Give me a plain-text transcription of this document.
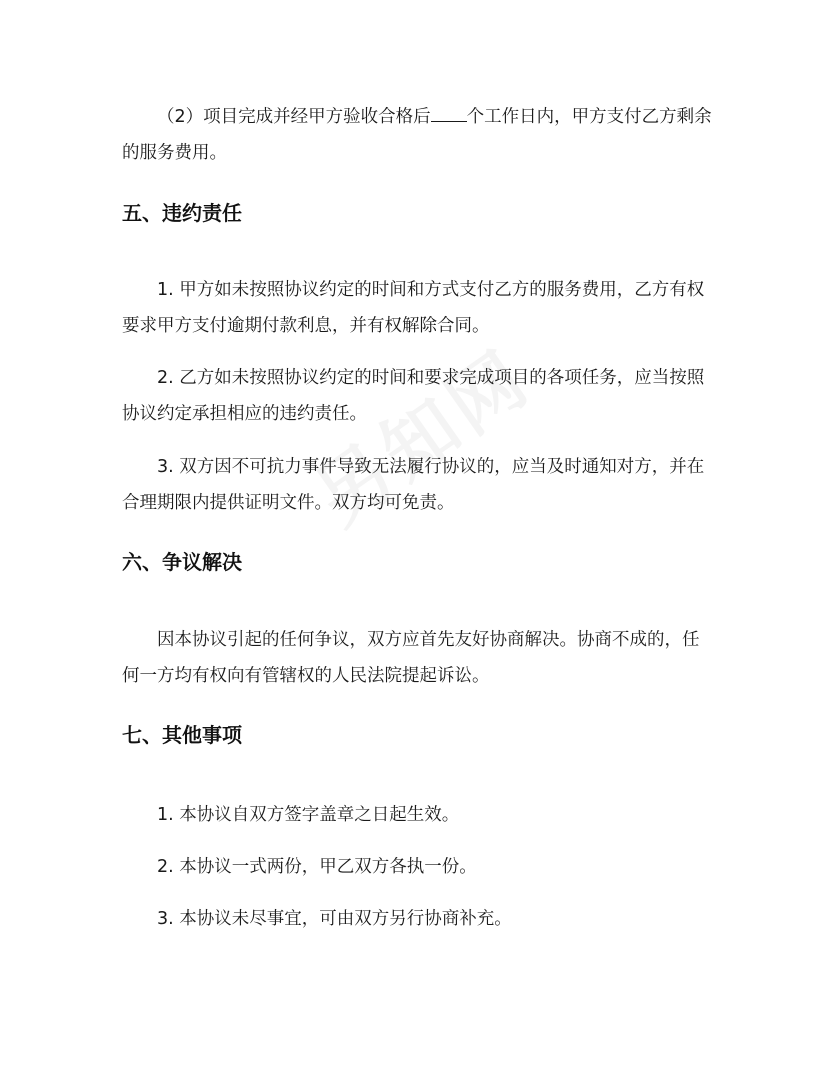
（2）项目完成并经甲方验收合格后 个工作日内，甲方支付乙方剩余的服务费用。

五、违约责任

1. 甲方如未按照协议约定的时间和方式支付乙方的服务费用，乙方有权要求甲方支付逾期付款利息，并有权解除合同。

2. 乙方如未按照协议约定的时间和要求完成项目的各项任务，应当按照协议约定承担相应的违约责任。

3. 双方因不可抗力事件导致无法履行协议的，应当及时通知对方，并在合理期限内提供证明文件。双方均可免责。

六、争议解决

因本协议引起的任何争议，双方应首先友好协商解决。协商不成的，任何一方均有权向有管辖权的人民法院提起诉讼。

七、其他事项

1. 本协议自双方签字盖章之日起生效。

2. 本协议一式两份，甲乙双方各执一份。

3. 本协议未尽事宜，可由双方另行协商补充。
